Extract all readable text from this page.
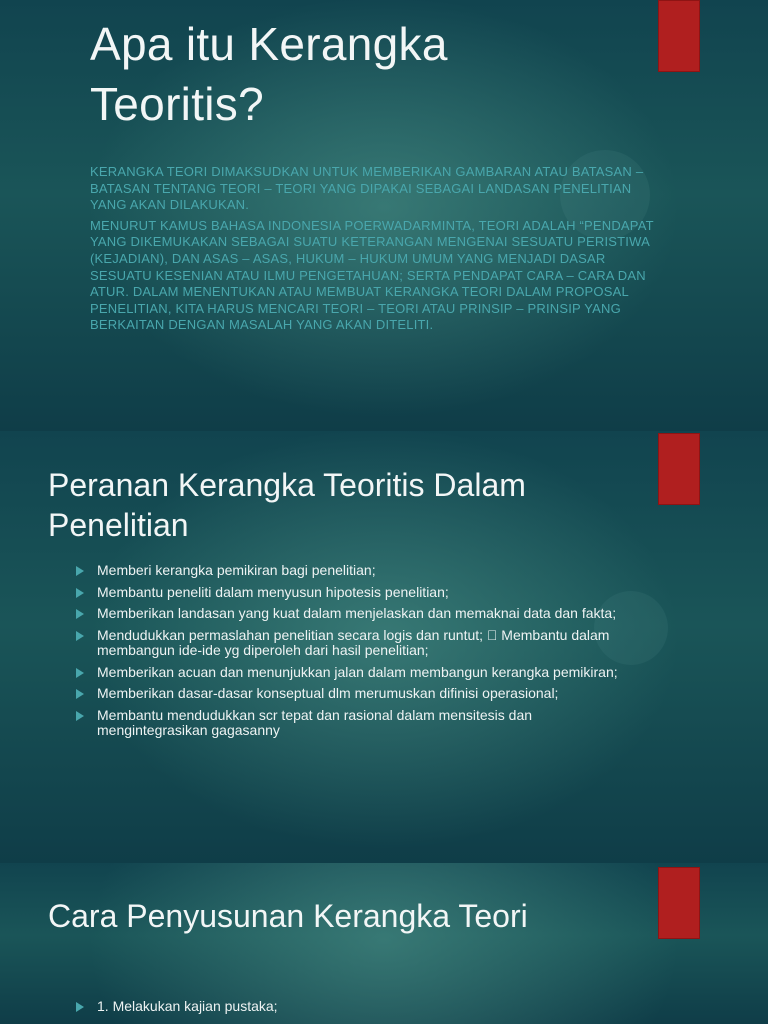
Apa itu Kerangka
Teoritis?

KERANGKA TEORI DIMAKSUDKAN UNTUK MEMBERIKAN GAMBARAN ATAU BATASAN – BATASAN TENTANG TEORI – TEORI YANG DIPAKAI SEBAGAI LANDASAN PENELITIAN YANG AKAN DILAKUKAN.

MENURUT KAMUS BAHASA INDONESIA POERWADARMINTA, TEORI ADALAH “PENDAPAT YANG DIKEMUKAKAN SEBAGAI SUATU KETERANGAN MENGENAI SESUATU PERISTIWA (KEJADIAN), DAN ASAS – ASAS, HUKUM – HUKUM UMUM YANG MENJADI DASAR SESUATU KESENIAN ATAU ILMU PENGETAHUAN; SERTA PENDAPAT CARA – CARA DAN ATUR. DALAM MENENTUKAN ATAU MEMBUAT KERANGKA TEORI DALAM PROPOSAL PENELITIAN, KITA HARUS MENCARI TEORI – TEORI ATAU PRINSIP – PRINSIP YANG BERKAITAN DENGAN MASALAH YANG AKAN DITELITI.

Peranan Kerangka Teoritis Dalam
Penelitian
Memberi kerangka pemikiran bagi penelitian;
Membantu peneliti dalam menyusun hipotesis penelitian;
Memberikan landasan yang kuat dalam menjelaskan dan memaknai data dan fakta;
Mendudukkan permaslahan penelitian secara logis dan runtut; Membantu dalam membangun ide-ide yg diperoleh dari hasil penelitian;
Memberikan acuan dan menunjukkan jalan dalam membangun kerangka pemikiran;
Memberikan dasar-dasar konseptual dlm merumuskan difinisi operasional;
Membantu mendudukkan scr tepat dan rasional dalam mensitesis dan mengintegrasikan gagasanny
Cara Penyusunan Kerangka Teori
1. Melakukan kajian pustaka;
